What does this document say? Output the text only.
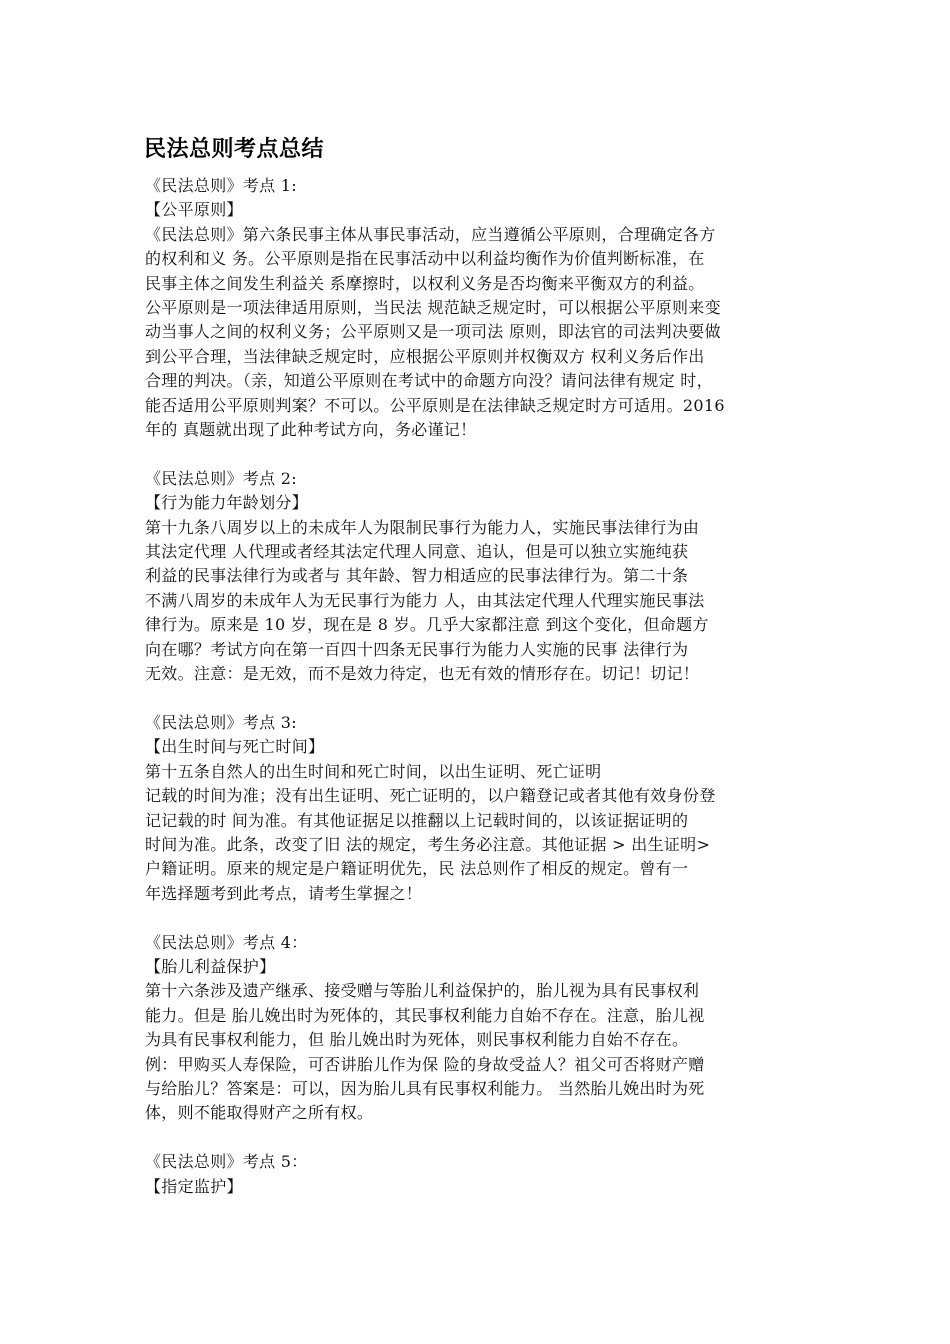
民法总则考点总结
《民法总则》考点 1:
【公平原则】
《民法总则》第六条民事主体从事民事活动，应当遵循公平原则，合理确定各方
的权利和义 务。公平原则是指在民事活动中以利益均衡作为价值判断标准，在
民事主体之间发生利益关 系摩擦时，以权利义务是否均衡来平衡双方的利益。
公平原则是一项法律适用原则，当民法 规范缺乏规定时，可以根据公平原则来变
动当事人之间的权利义务；公平原则又是一项司法 原则，即法官的司法判决要做
到公平合理，当法律缺乏规定时，应根据公平原则并权衡双方 权利义务后作出
合理的判决。（亲，知道公平原则在考试中的命题方向没？请问法律有规定 时，
能否适用公平原则判案？不可以。公平原则是在法律缺乏规定时方可适用。2016
年的 真题就出现了此种考试方向，务必谨记！
《民法总则》考点 2:
【行为能力年龄划分】
第十九条八周岁以上的未成年人为限制民事行为能力人，实施民事法律行为由
其法定代理 人代理或者经其法定代理人同意、追认，但是可以独立实施纯获
利益的民事法律行为或者与 其年龄、智力相适应的民事法律行为。第二十条
不满八周岁的未成年人为无民事行为能力 人，由其法定代理人代理实施民事法
律行为。原来是 10 岁，现在是 8 岁。几乎大家都注意 到这个变化，但命题方
向在哪？考试方向在第一百四十四条无民事行为能力人实施的民事 法律行为
无效。注意：是无效，而不是效力待定，也无有效的情形存在。切记！切记！
《民法总则》考点 3:
【出生时间与死亡时间】
第十五条自然人的出生时间和死亡时间，以出生证明、死亡证明
记载的时间为准；没有出生证明、死亡证明的，以户籍登记或者其他有效身份登
记记载的时 间为准。有其他证据足以推翻以上记载时间的，以该证据证明的
时间为准。此条，改变了旧 法的规定，考生务必注意。其他证据 > 出生证明>
户籍证明。原来的规定是户籍证明优先，民 法总则作了相反的规定。曾有一
年选择题考到此考点，请考生掌握之！
《民法总则》考点 4：
【胎儿利益保护】
第十六条涉及遗产继承、接受赠与等胎儿利益保护的，胎儿视为具有民事权利
能力。但是 胎儿娩出时为死体的，其民事权利能力自始不存在。注意，胎儿视
为具有民事权利能力，但 胎儿娩出时为死体，则民事权利能力自始不存在。
例：甲购买人寿保险，可否讲胎儿作为保 险的身故受益人？祖父可否将财产赠
与给胎儿？答案是：可以，因为胎儿具有民事权利能力。 当然胎儿娩出时为死
体，则不能取得财产之所有权。
《民法总则》考点 5：
【指定监护】
